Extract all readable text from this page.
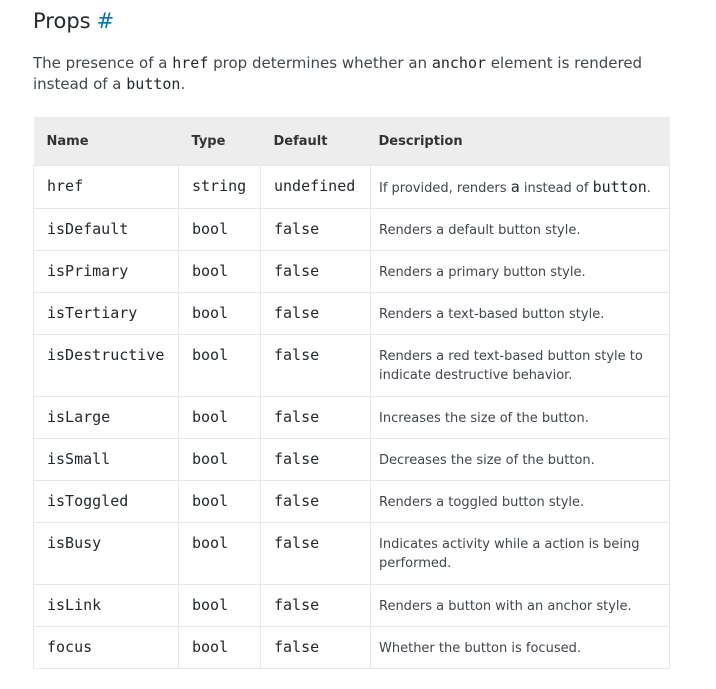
Props #

The presence of a href prop determines whether an anchor element is rendered instead of a button.

Name	Type	Default	Description
href	string	undefined	If provided, renders a instead of button.
isDefault	bool	false	Renders a default button style.
isPrimary	bool	false	Renders a primary button style.
isTertiary	bool	false	Renders a text-based button style.
isDestructive	bool	false	Renders a red text-based button style to indicate destructive behavior.
isLarge	bool	false	Increases the size of the button.
isSmall	bool	false	Decreases the size of the button.
isToggled	bool	false	Renders a toggled button style.
isBusy	bool	false	Indicates activity while a action is being performed.
isLink	bool	false	Renders a button with an anchor style.
focus	bool	false	Whether the button is focused.
